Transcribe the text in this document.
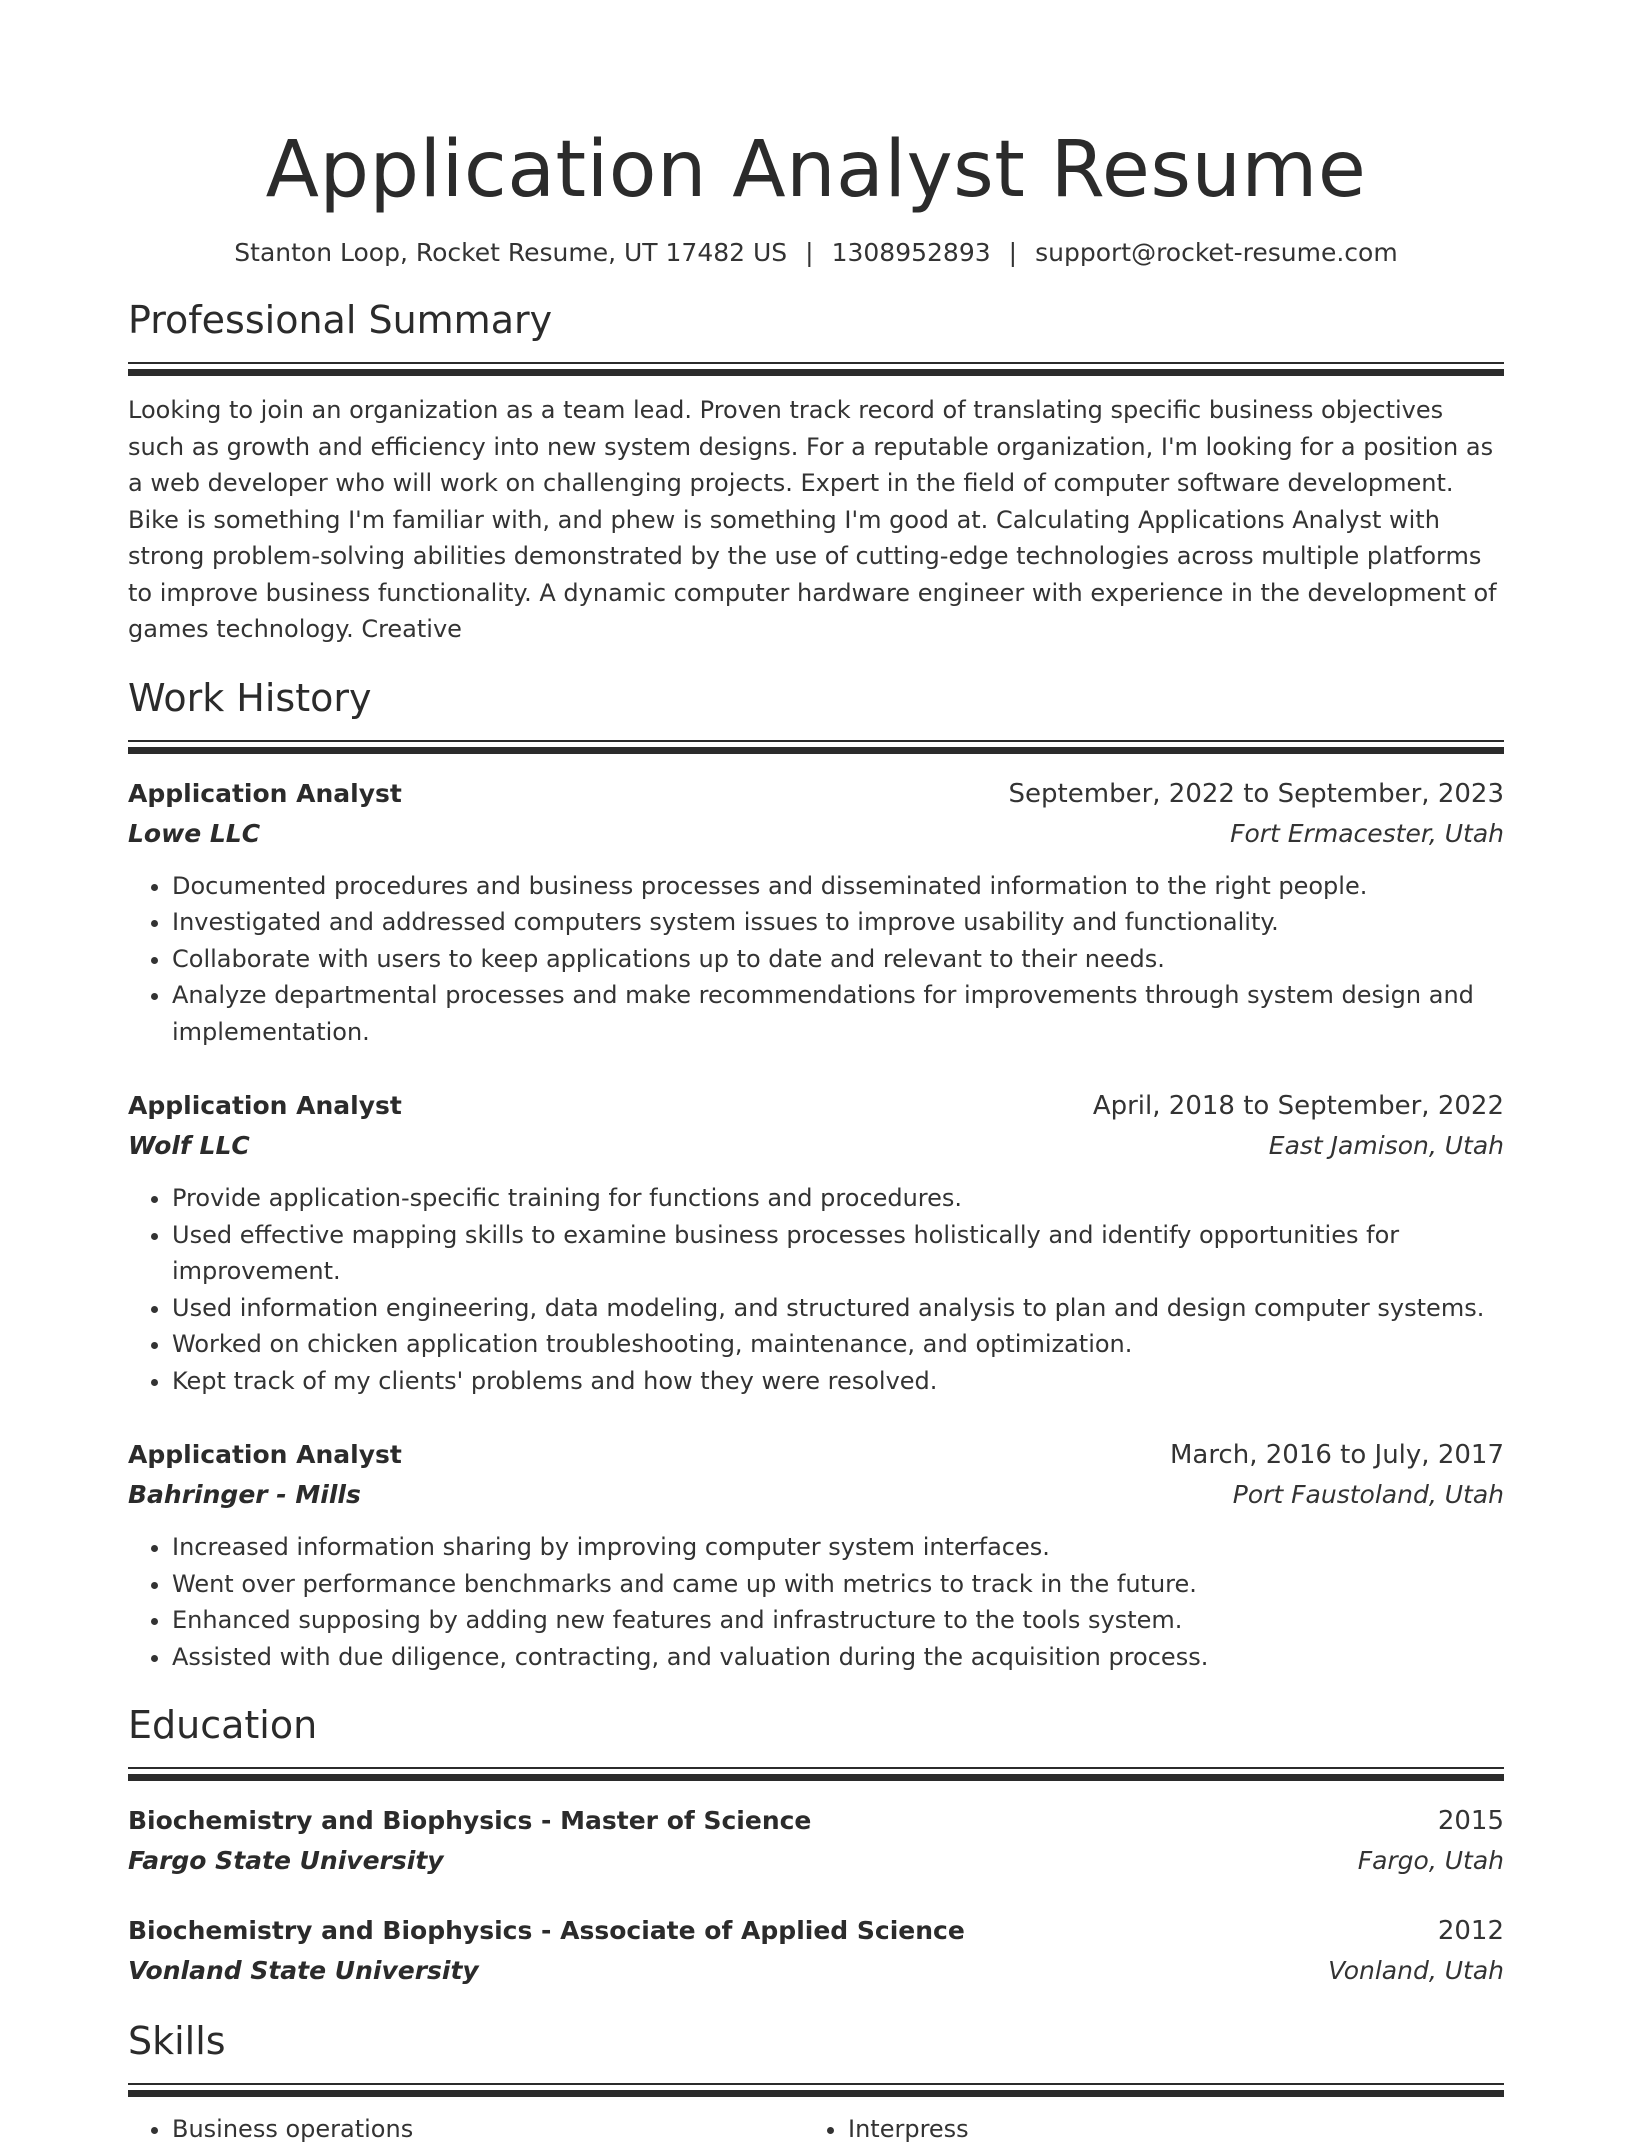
Application Analyst Resume
Stanton Loop, Rocket Resume, UT 17482 US | 1308952893 | support@rocket-resume.com
Professional Summary
Looking to join an organization as a team lead. Proven track record of translating specific business objectives such as growth and efficiency into new system designs. For a reputable organization, I'm looking for a position as a web developer who will work on challenging projects. Expert in the field of computer software development. Bike is something I'm familiar with, and phew is something I'm good at. Calculating Applications Analyst with strong problem-solving abilities demonstrated by the use of cutting-edge technologies across multiple platforms to improve business functionality. A dynamic computer hardware engineer with experience in the development of games technology. Creative
Work History
Application Analyst	September, 2022 to September, 2023
Lowe LLC	Fort Ermacester, Utah
• Documented procedures and business processes and disseminated information to the right people.
• Investigated and addressed computers system issues to improve usability and functionality.
• Collaborate with users to keep applications up to date and relevant to their needs.
• Analyze departmental processes and make recommendations for improvements through system design and implementation.
Application Analyst	April, 2018 to September, 2022
Wolf LLC	East Jamison, Utah
• Provide application-specific training for functions and procedures.
• Used effective mapping skills to examine business processes holistically and identify opportunities for improvement.
• Used information engineering, data modeling, and structured analysis to plan and design computer systems.
• Worked on chicken application troubleshooting, maintenance, and optimization.
• Kept track of my clients' problems and how they were resolved.
Application Analyst	March, 2016 to July, 2017
Bahringer - Mills	Port Faustoland, Utah
• Increased information sharing by improving computer system interfaces.
• Went over performance benchmarks and came up with metrics to track in the future.
• Enhanced supposing by adding new features and infrastructure to the tools system.
• Assisted with due diligence, contracting, and valuation during the acquisition process.
Education
Biochemistry and Biophysics - Master of Science	2015
Fargo State University	Fargo, Utah
Biochemistry and Biophysics - Associate of Applied Science	2012
Vonland State University	Vonland, Utah
Skills
• Business operations
•	Interpress
